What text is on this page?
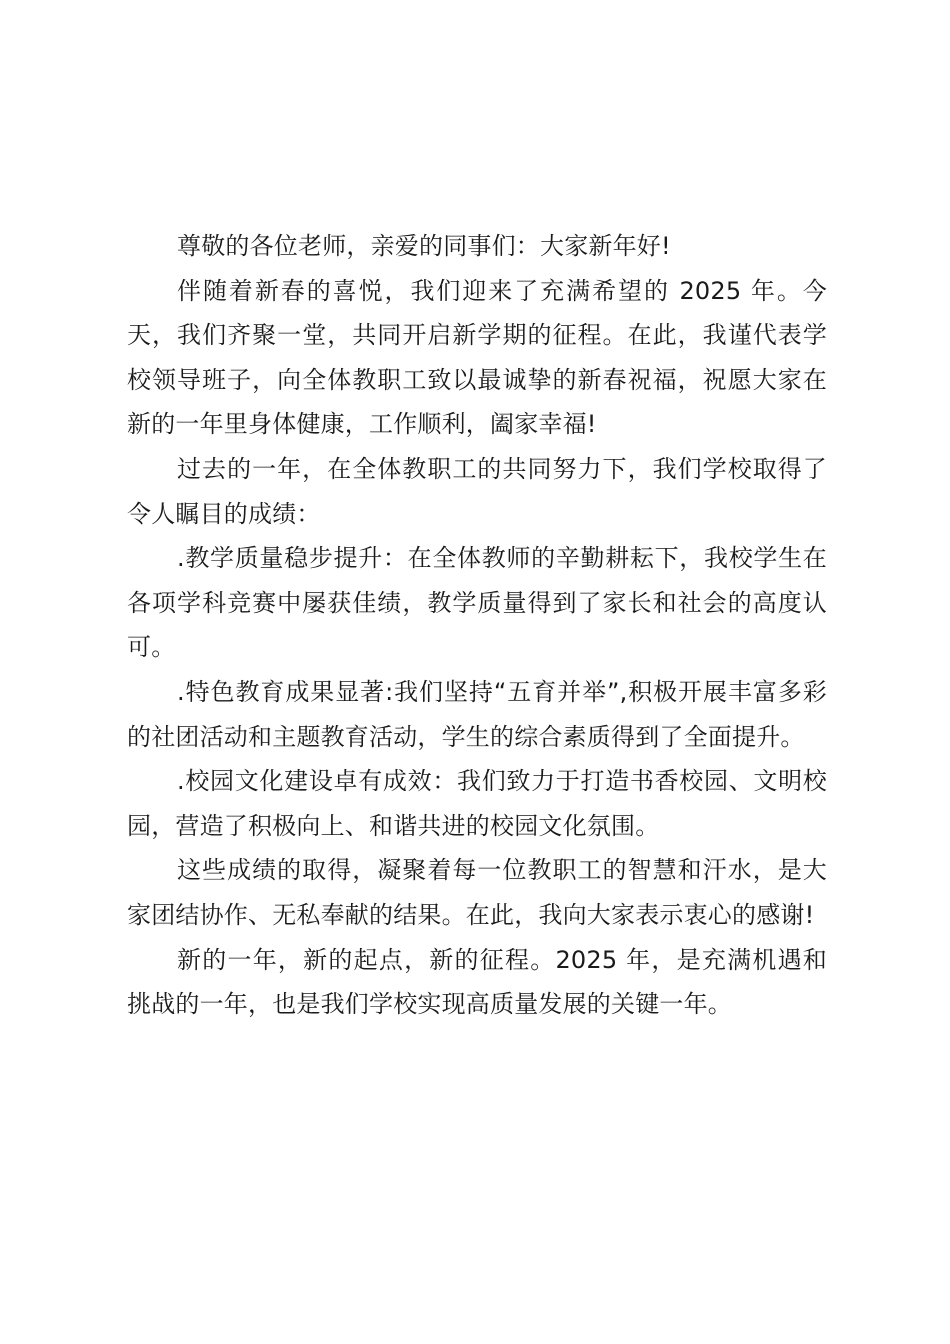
尊敬的各位老师，亲爱的同事们：大家新年好!

伴随着新春的喜悦，我们迎来了充满希望的 2025 年。今天，我们齐聚一堂，共同开启新学期的征程。在此，我谨代表学校领导班子，向全体教职工致以最诚挚的新春祝福，祝愿大家在新的一年里身体健康，工作顺利，阖家幸福!

过去的一年，在全体教职工的共同努力下，我们学校取得了令人瞩目的成绩：

.教学质量稳步提升：在全体教师的辛勤耕耘下，我校学生在各项学科竞赛中屡获佳绩，教学质量得到了家长和社会的高度认可。

.特色教育成果显著:我们坚持“五育并举”,积极开展丰富多彩的社团活动和主题教育活动，学生的综合素质得到了全面提升。

.校园文化建设卓有成效：我们致力于打造书香校园、文明校园，营造了积极向上、和谐共进的校园文化氛围。

这些成绩的取得，凝聚着每一位教职工的智慧和汗水，是大家团结协作、无私奉献的结果。在此，我向大家表示衷心的感谢!

新的一年，新的起点，新的征程。2025 年，是充满机遇和挑战的一年，也是我们学校实现高质量发展的关键一年。
